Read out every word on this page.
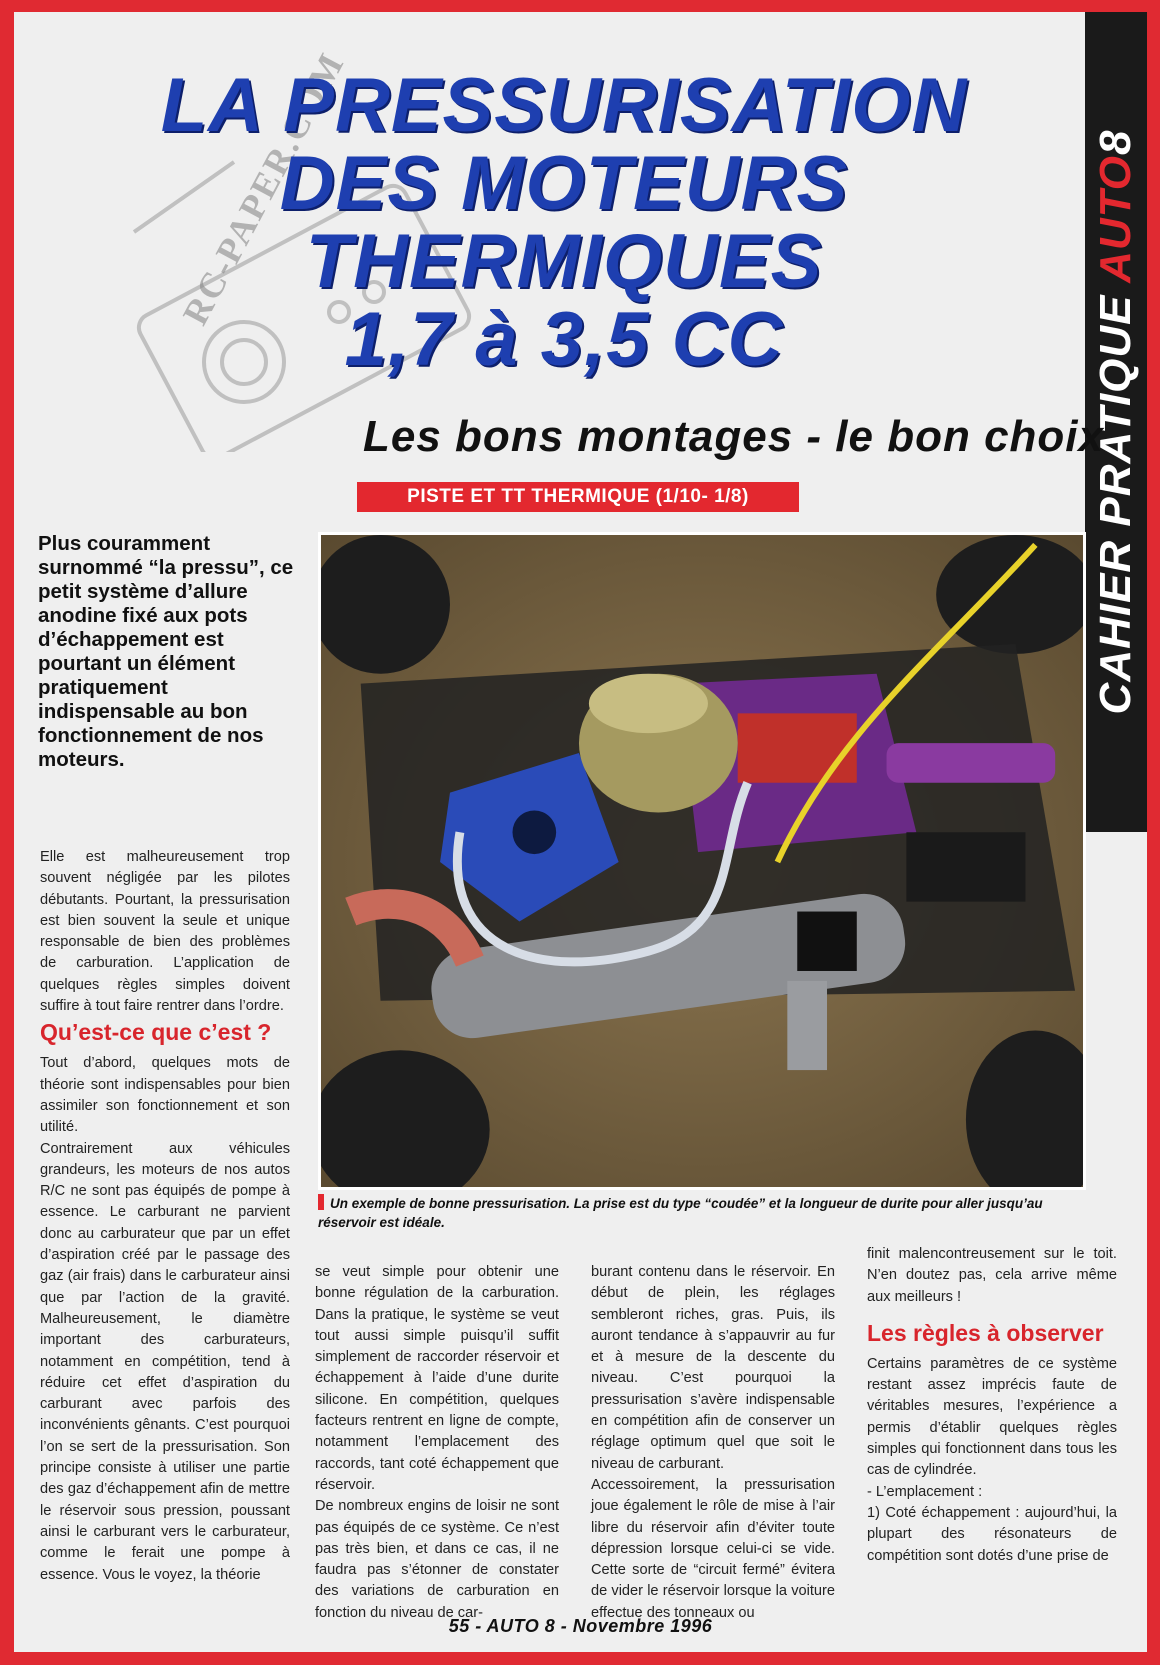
RC-PAPER.COM
CAHIER PRATIQUE AUTO8
LA PRESSURISATION
DES MOTEURS
THERMIQUES
1,7 à 3,5 CC
Les bons montages - le bon choix
PISTE ET TT THERMIQUE (1/10- 1/8)

Plus couramment surnommé “la pressu”, ce petit système d’allure anodine fixé aux pots d’échappement est pourtant un élément pratiquement indispensable au bon fonctionnement de nos moteurs.

Un exemple de bonne pressurisation. La prise est du type “coudée” et la longueur de durite pour aller jusqu’au réservoir est idéale.

Elle est malheureusement trop souvent négligée par les pilotes débutants. Pourtant, la pressurisation est bien souvent la seule et unique responsable de bien des problèmes de carburation. L’application de quelques règles simples doivent suffire à tout faire rentrer dans l’ordre.

Qu’est-ce que c’est ?

Tout d’abord, quelques mots de théorie sont indispensables pour bien assimiler son fonctionnement et son utilité.

Contrairement aux véhicules grandeurs, les moteurs de nos autos R/C ne sont pas équipés de pompe à essence. Le carburant ne parvient donc au carburateur que par un effet d’aspiration créé par le passage des gaz (air frais) dans le carburateur ainsi que par l’action de la gravité. Malheureusement, le diamètre important des carburateurs, notamment en compétition, tend à réduire cet effet d’aspiration du carburant avec parfois des inconvénients gênants. C’est pourquoi l’on se sert de la pressurisation. Son principe consiste à utiliser une partie des gaz d’échappement afin de mettre le réservoir sous pression, poussant ainsi le carburant vers le carburateur, comme le ferait une pompe à essence. Vous le voyez, la théorie

se veut simple pour obtenir une bonne régulation de la carburation. Dans la pratique, le système se veut tout aussi simple puisqu’il suffit simplement de raccorder réservoir et échappement à l’aide d’une durite silicone. En compétition, quelques facteurs rentrent en ligne de compte, notamment l’emplacement des raccords, tant coté échappement que réservoir.

De nombreux engins de loisir ne sont pas équipés de ce système. Ce n’est pas très bien, et dans ce cas, il ne faudra pas s’étonner de constater des variations de carburation en fonction du niveau de car-

burant contenu dans le réservoir. En début de plein, les réglages sembleront riches, gras. Puis, ils auront tendance à s’appauvrir au fur et à mesure de la descente du niveau. C’est pourquoi la pressurisation s’avère indispensable en compétition afin de conserver un réglage optimum quel que soit le niveau de carburant.

Accessoirement, la pressurisation joue également le rôle de mise à l’air libre du réservoir afin d’éviter toute dépression lorsque celui-ci se vide. Cette sorte de “circuit fermé” évitera de vider le réservoir lorsque la voiture effectue des tonneaux ou

finit malencontreusement sur le toit. N’en doutez pas, cela arrive même aux meilleurs !

Les règles à observer

Certains paramètres de ce système restant assez imprécis faute de véritables mesures, l’expérience a permis d’établir quelques règles simples qui fonctionnent dans tous les cas de cylindrée.

- L’emplacement :

1) Coté échappement : aujourd’hui, la plupart des résonateurs de compétition sont dotés d’une prise de

55 - AUTO 8 - Novembre 1996
